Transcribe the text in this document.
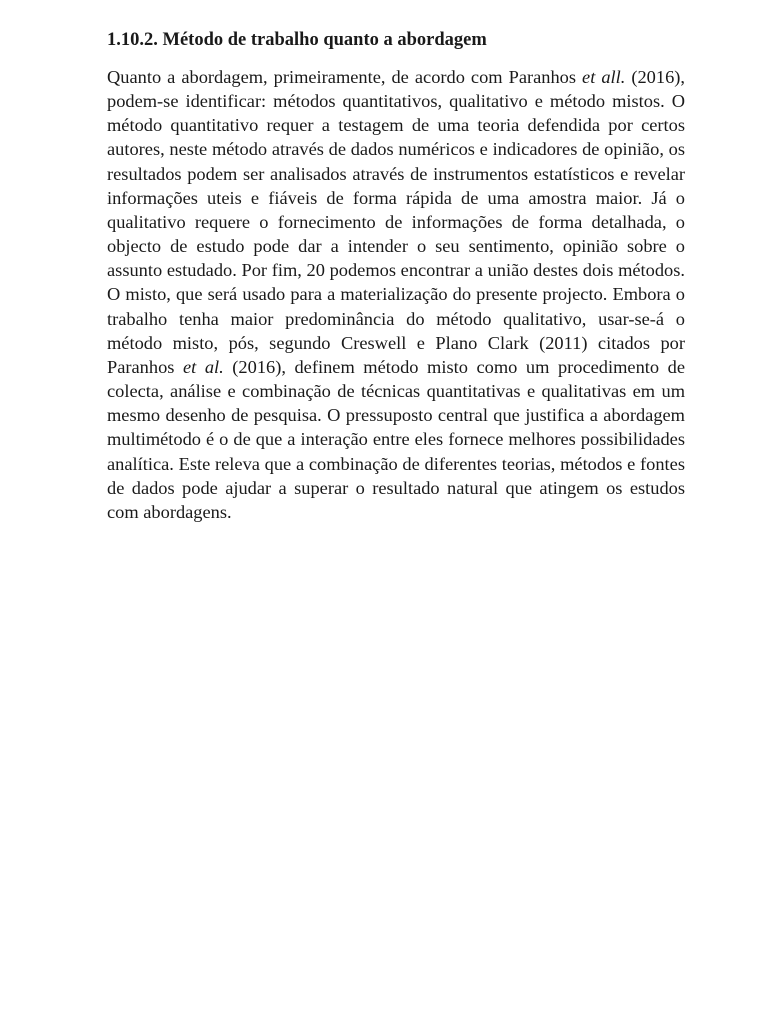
1.10.2. Método de trabalho quanto a abordagem

Quanto a abordagem, primeiramente, de acordo com Paranhos et all. (2016), podem-se identificar: métodos quantitativos, qualitativo e método mistos. O método quantitativo requer a testagem de uma teoria defendida por certos autores, neste método através de dados numéricos e indicadores de opinião, os resultados podem ser analisados através de instrumentos estatísticos e revelar informações uteis e fiáveis de forma rápida de uma amostra maior. Já o qualitativo requere o fornecimento de informações de forma detalhada, o objecto de estudo pode dar a intender o seu sentimento, opinião sobre o assunto estudado. Por fim, 20 podemos encontrar a união destes dois métodos. O misto, que será usado para a materialização do presente projecto. Embora o trabalho tenha maior predominância do método qualitativo, usar-se-á o método misto, pós, segundo Creswell e Plano Clark (2011) citados por Paranhos et al. (2016), definem método misto como um procedimento de colecta, análise e combinação de técnicas quantitativas e qualitativas em um mesmo desenho de pesquisa. O pressuposto central que justifica a abordagem multimétodo é o de que a interação entre eles fornece melhores possibilidades analítica. Este releva que a combinação de diferentes teorias, métodos e fontes de dados pode ajudar a superar o resultado natural que atingem os estudos com abordagens.
